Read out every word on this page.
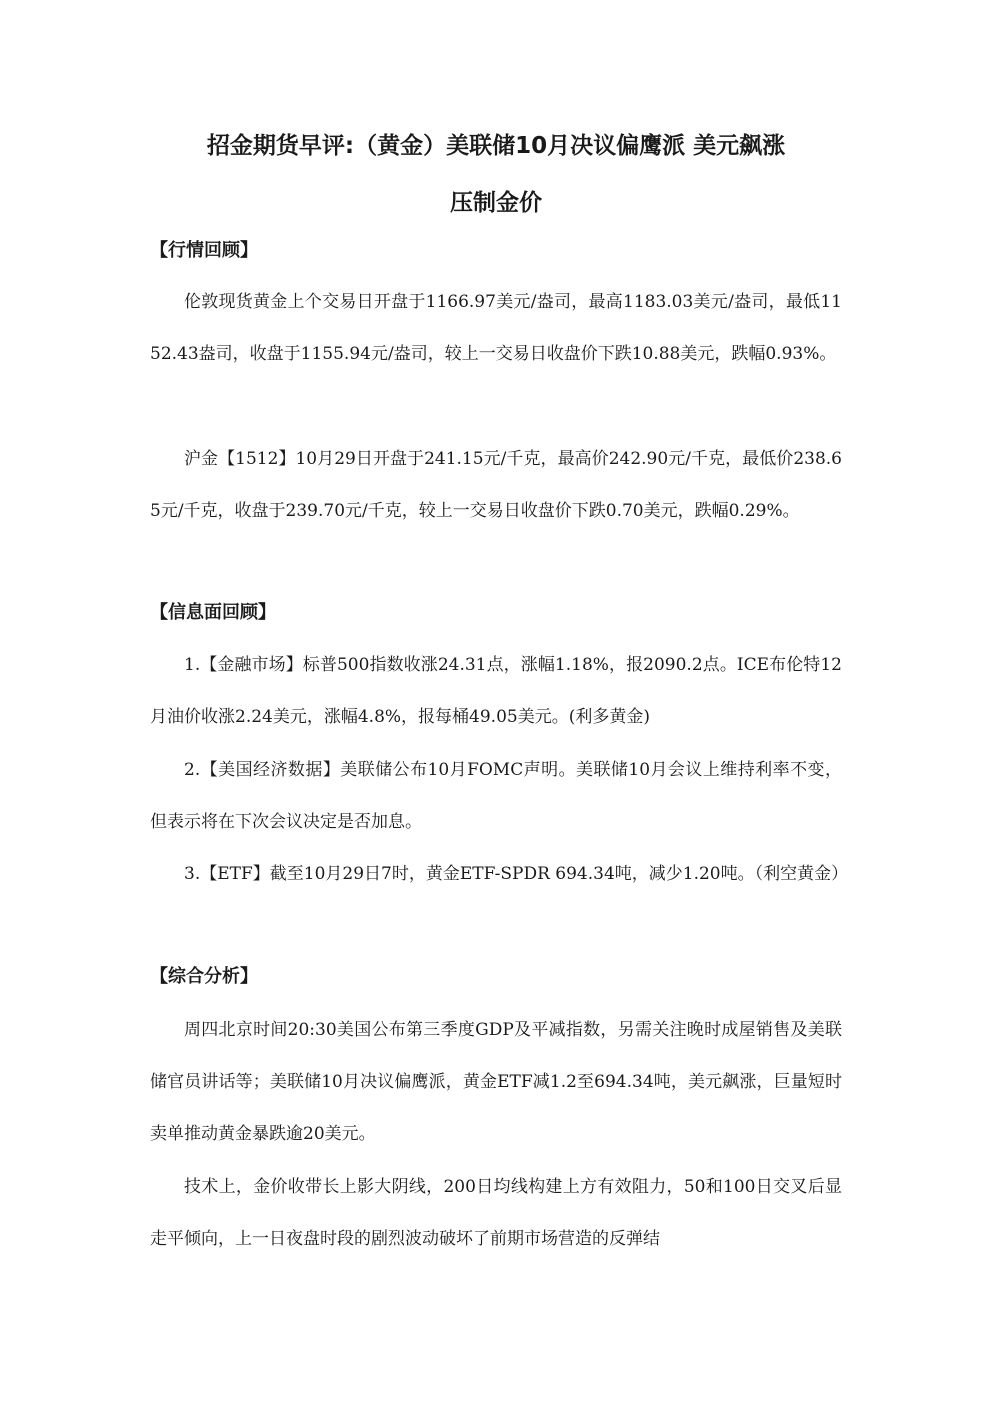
招金期货早评:（黄金）美联储10月决议偏鹰派 美元飙涨
压制金价
【行情回顾】

伦敦现货黄金上个交易日开盘于1166.97美元/盎司，最高1183.03美元/盎司，最低1152.43盎司，收盘于1155.94元/盎司，较上一交易日收盘价下跌10.88美元，跌幅0.93%。

沪金【1512】10月29日开盘于241.15元/千克，最高价242.90元/千克，最低价238.65元/千克，收盘于239.70元/千克，较上一交易日收盘价下跌0.70美元，跌幅0.29%。

【信息面回顾】

1.【金融市场】标普500指数收涨24.31点，涨幅1.18%，报2090.2点。ICE布伦特12月油价收涨2.24美元，涨幅4.8%，报每桶49.05美元。(利多黄金)

2.【美国经济数据】美联储公布10月FOMC声明。美联储10月会议上维持利率不变，但表示将在下次会议决定是否加息。

3.【ETF】截至10月29日7时，黄金ETF-SPDR 694.34吨，减少1.20吨。（利空黄金）

【综合分析】

周四北京时间20:30美国公布第三季度GDP及平减指数，另需关注晚时成屋销售及美联储官员讲话等；美联储10月决议偏鹰派，黄金ETF减1.2至694.34吨，美元飙涨，巨量短时卖单推动黄金暴跌逾20美元。

技术上，金价收带长上影大阴线，200日均线构建上方有效阻力，50和100日交叉后显走平倾向，上一日夜盘时段的剧烈波动破坏了前期市场营造的反弹结
